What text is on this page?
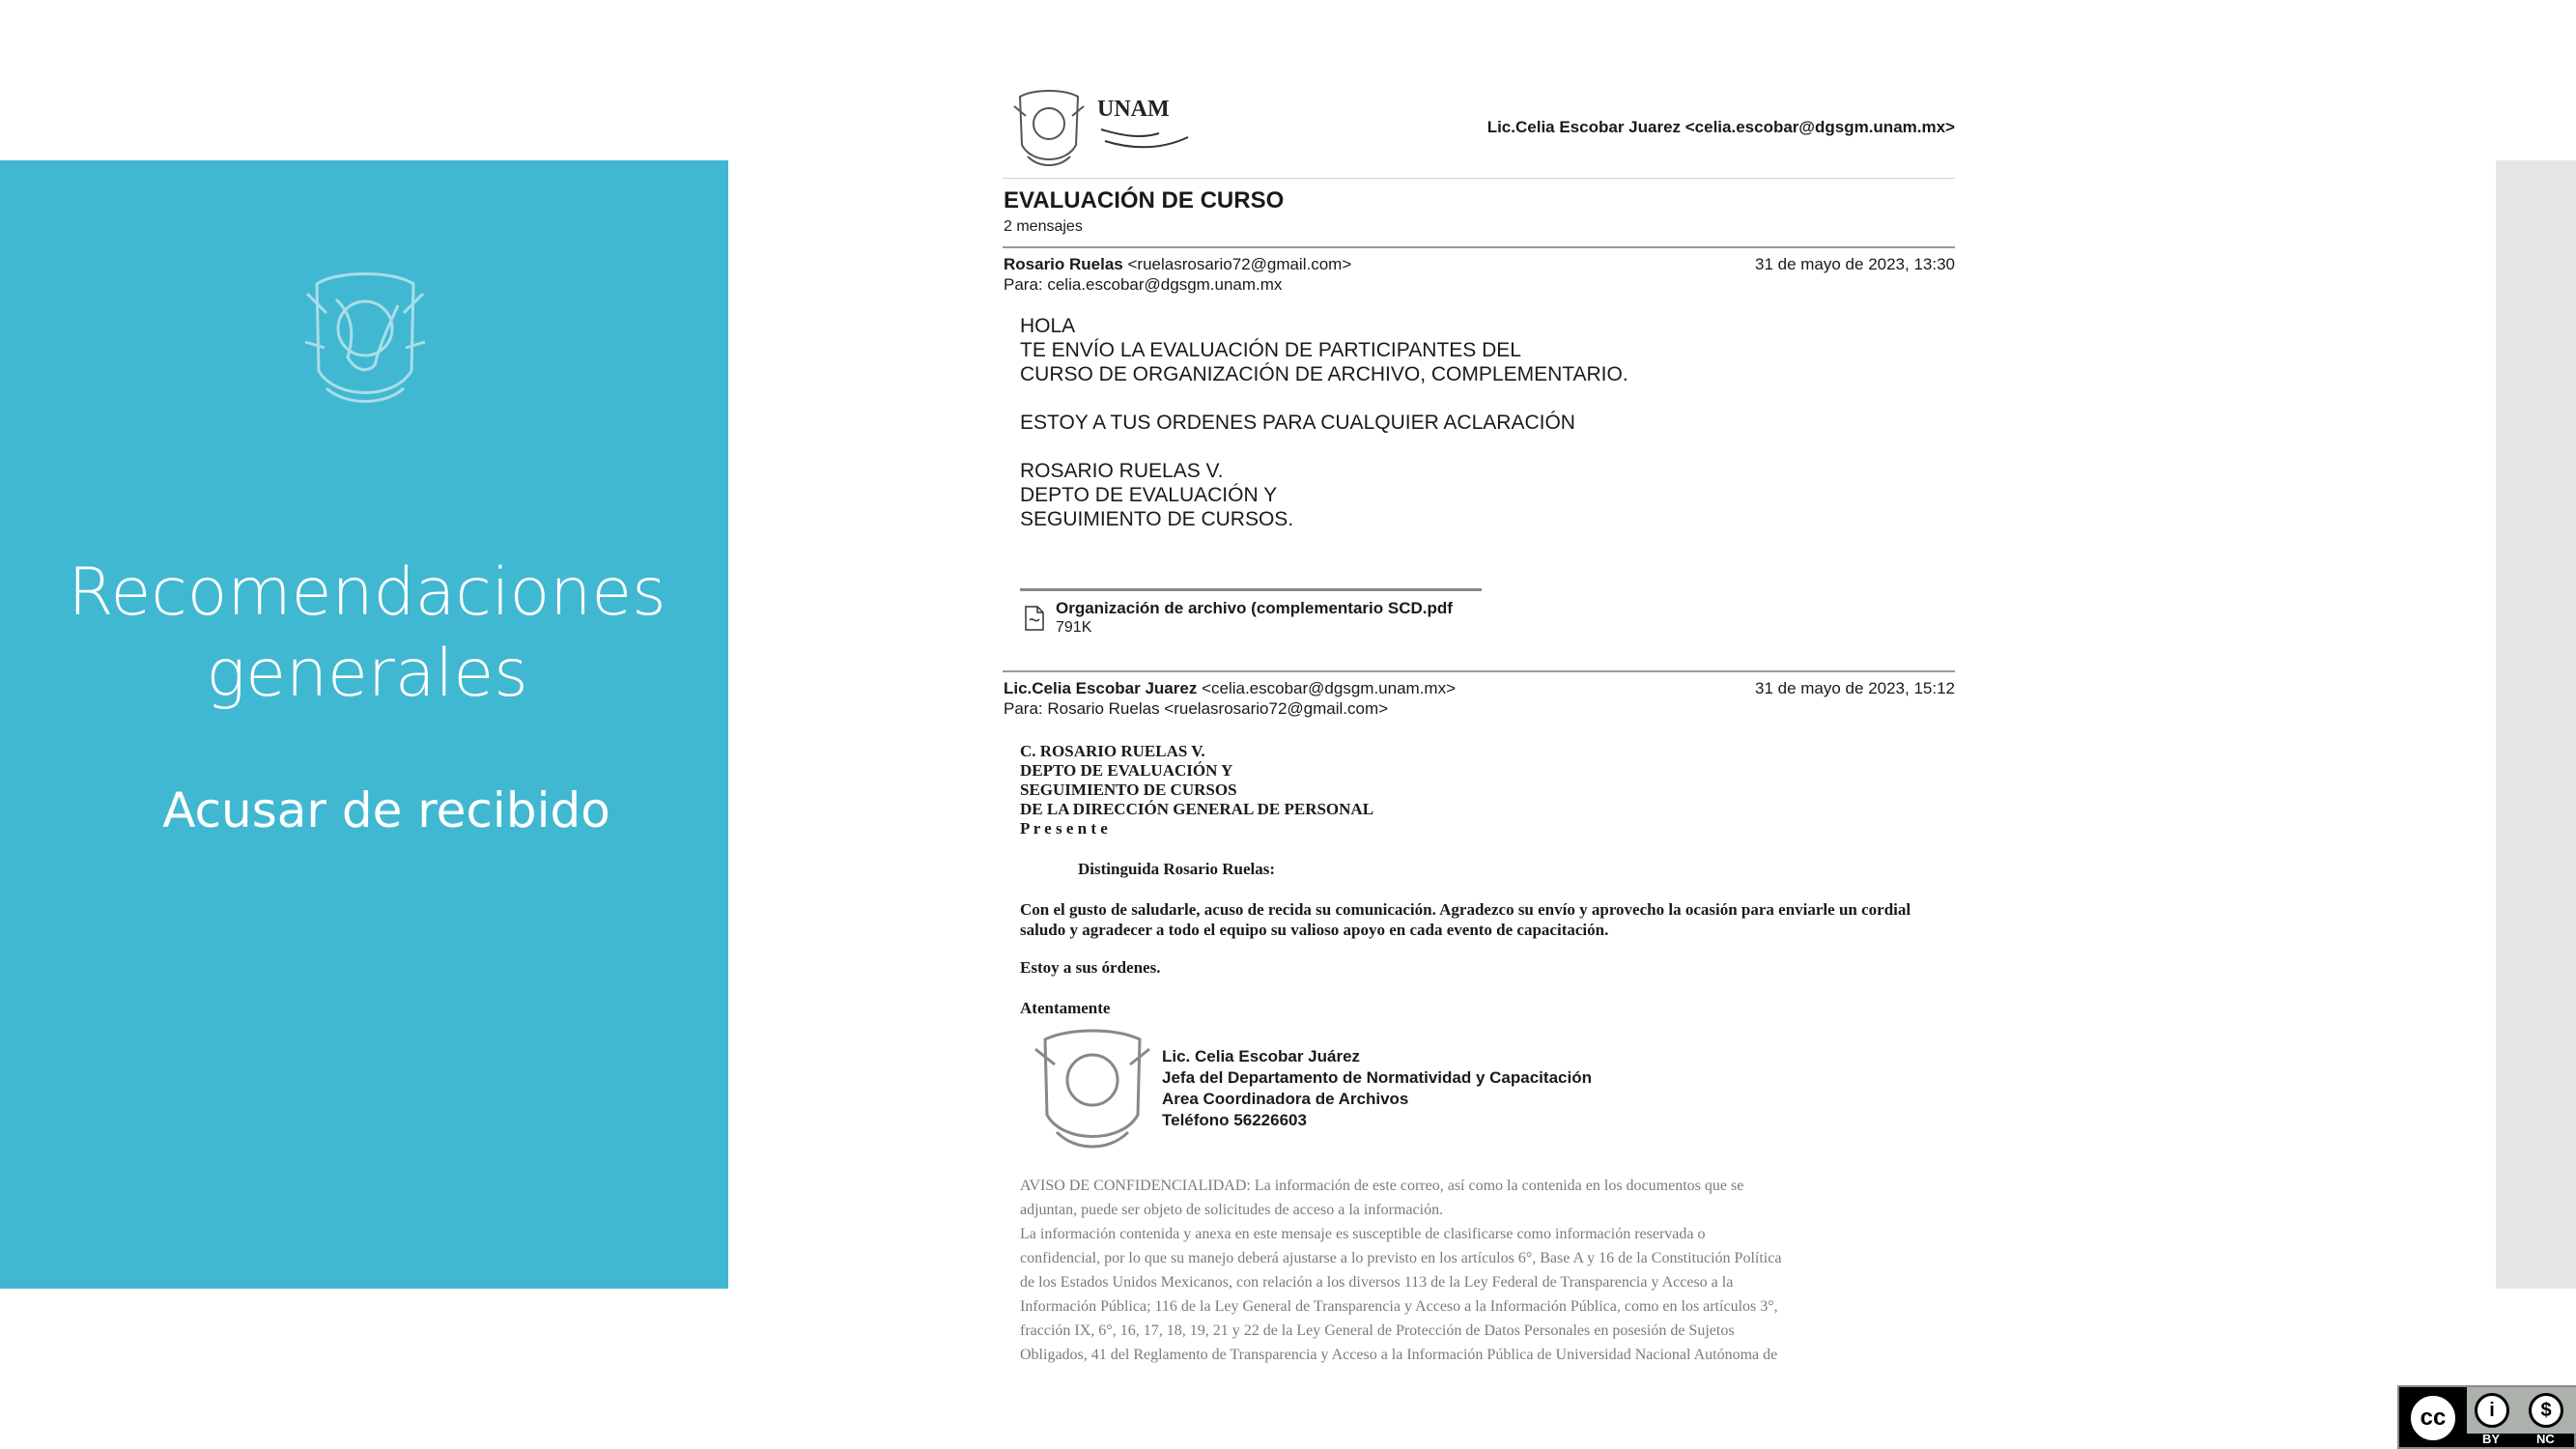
Recomendaciones generales
Acusar de recibido
UNAM
Lic.Celia Escobar Juarez <celia.escobar@dgsgm.unam.mx>
EVALUACIÓN DE CURSO
2 mensajes
Rosario Ruelas <ruelasrosario72@gmail.com>	31 de mayo de 2023, 13:30
Para: celia.escobar@dgsgm.unam.mx
HOLA
TE ENVÍO LA EVALUACIÓN DE PARTICIPANTES DEL
CURSO DE ORGANIZACIÓN DE ARCHIVO, COMPLEMENTARIO.
ESTOY A TUS ORDENES PARA CUALQUIER ACLARACIÓN
ROSARIO RUELAS V.
DEPTO DE EVALUACIÓN Y
SEGUIMIENTO DE CURSOS.
Organización de archivo (complementario SCD.pdf
791K
Lic.Celia Escobar Juarez <celia.escobar@dgsgm.unam.mx>	31 de mayo de 2023, 15:12
Para: Rosario Ruelas <ruelasrosario72@gmail.com>
C. ROSARIO RUELAS V.
DEPTO DE EVALUACIÓN Y
SEGUIMIENTO DE CURSOS
DE LA DIRECCIÓN GENERAL DE PERSONAL
P r e s e n t e
Distinguida Rosario Ruelas:
Con el gusto de saludarle, acuso de recida su comunicación. Agradezco su envío y aprovecho la ocasión para enviarle un cordial saludo y agradecer a todo el equipo su valioso apoyo en cada evento de capacitación.
Estoy a sus órdenes.
Atentamente
Lic. Celia Escobar Juárez
Jefa del Departamento de Normatividad y Capacitación
Area Coordinadora de Archivos
Teléfono 56226603
AVISO DE CONFIDENCIALIDAD: La información de este correo, así como la contenida en los documentos que se
adjuntan, puede ser objeto de solicitudes de acceso a la información.
La información contenida y anexa en este mensaje es susceptible de clasificarse como información reservada o
confidencial, por lo que su manejo deberá ajustarse a lo previsto en los artículos 6°, Base A y 16 de la Constitución Política
de los Estados Unidos Mexicanos, con relación a los diversos 113 de la Ley Federal de Transparencia y Acceso a la
Información Pública; 116 de la Ley General de Transparencia y Acceso a la Información Pública, como en los artículos 3°,
fracción IX, 6°, 16, 17, 18, 19, 21 y 22 de la Ley General de Protección de Datos Personales en posesión de Sujetos
Obligados, 41 del Reglamento de Transparencia y Acceso a la Información Pública de Universidad Nacional Autónoma de
cc	i	$
BY	NC
